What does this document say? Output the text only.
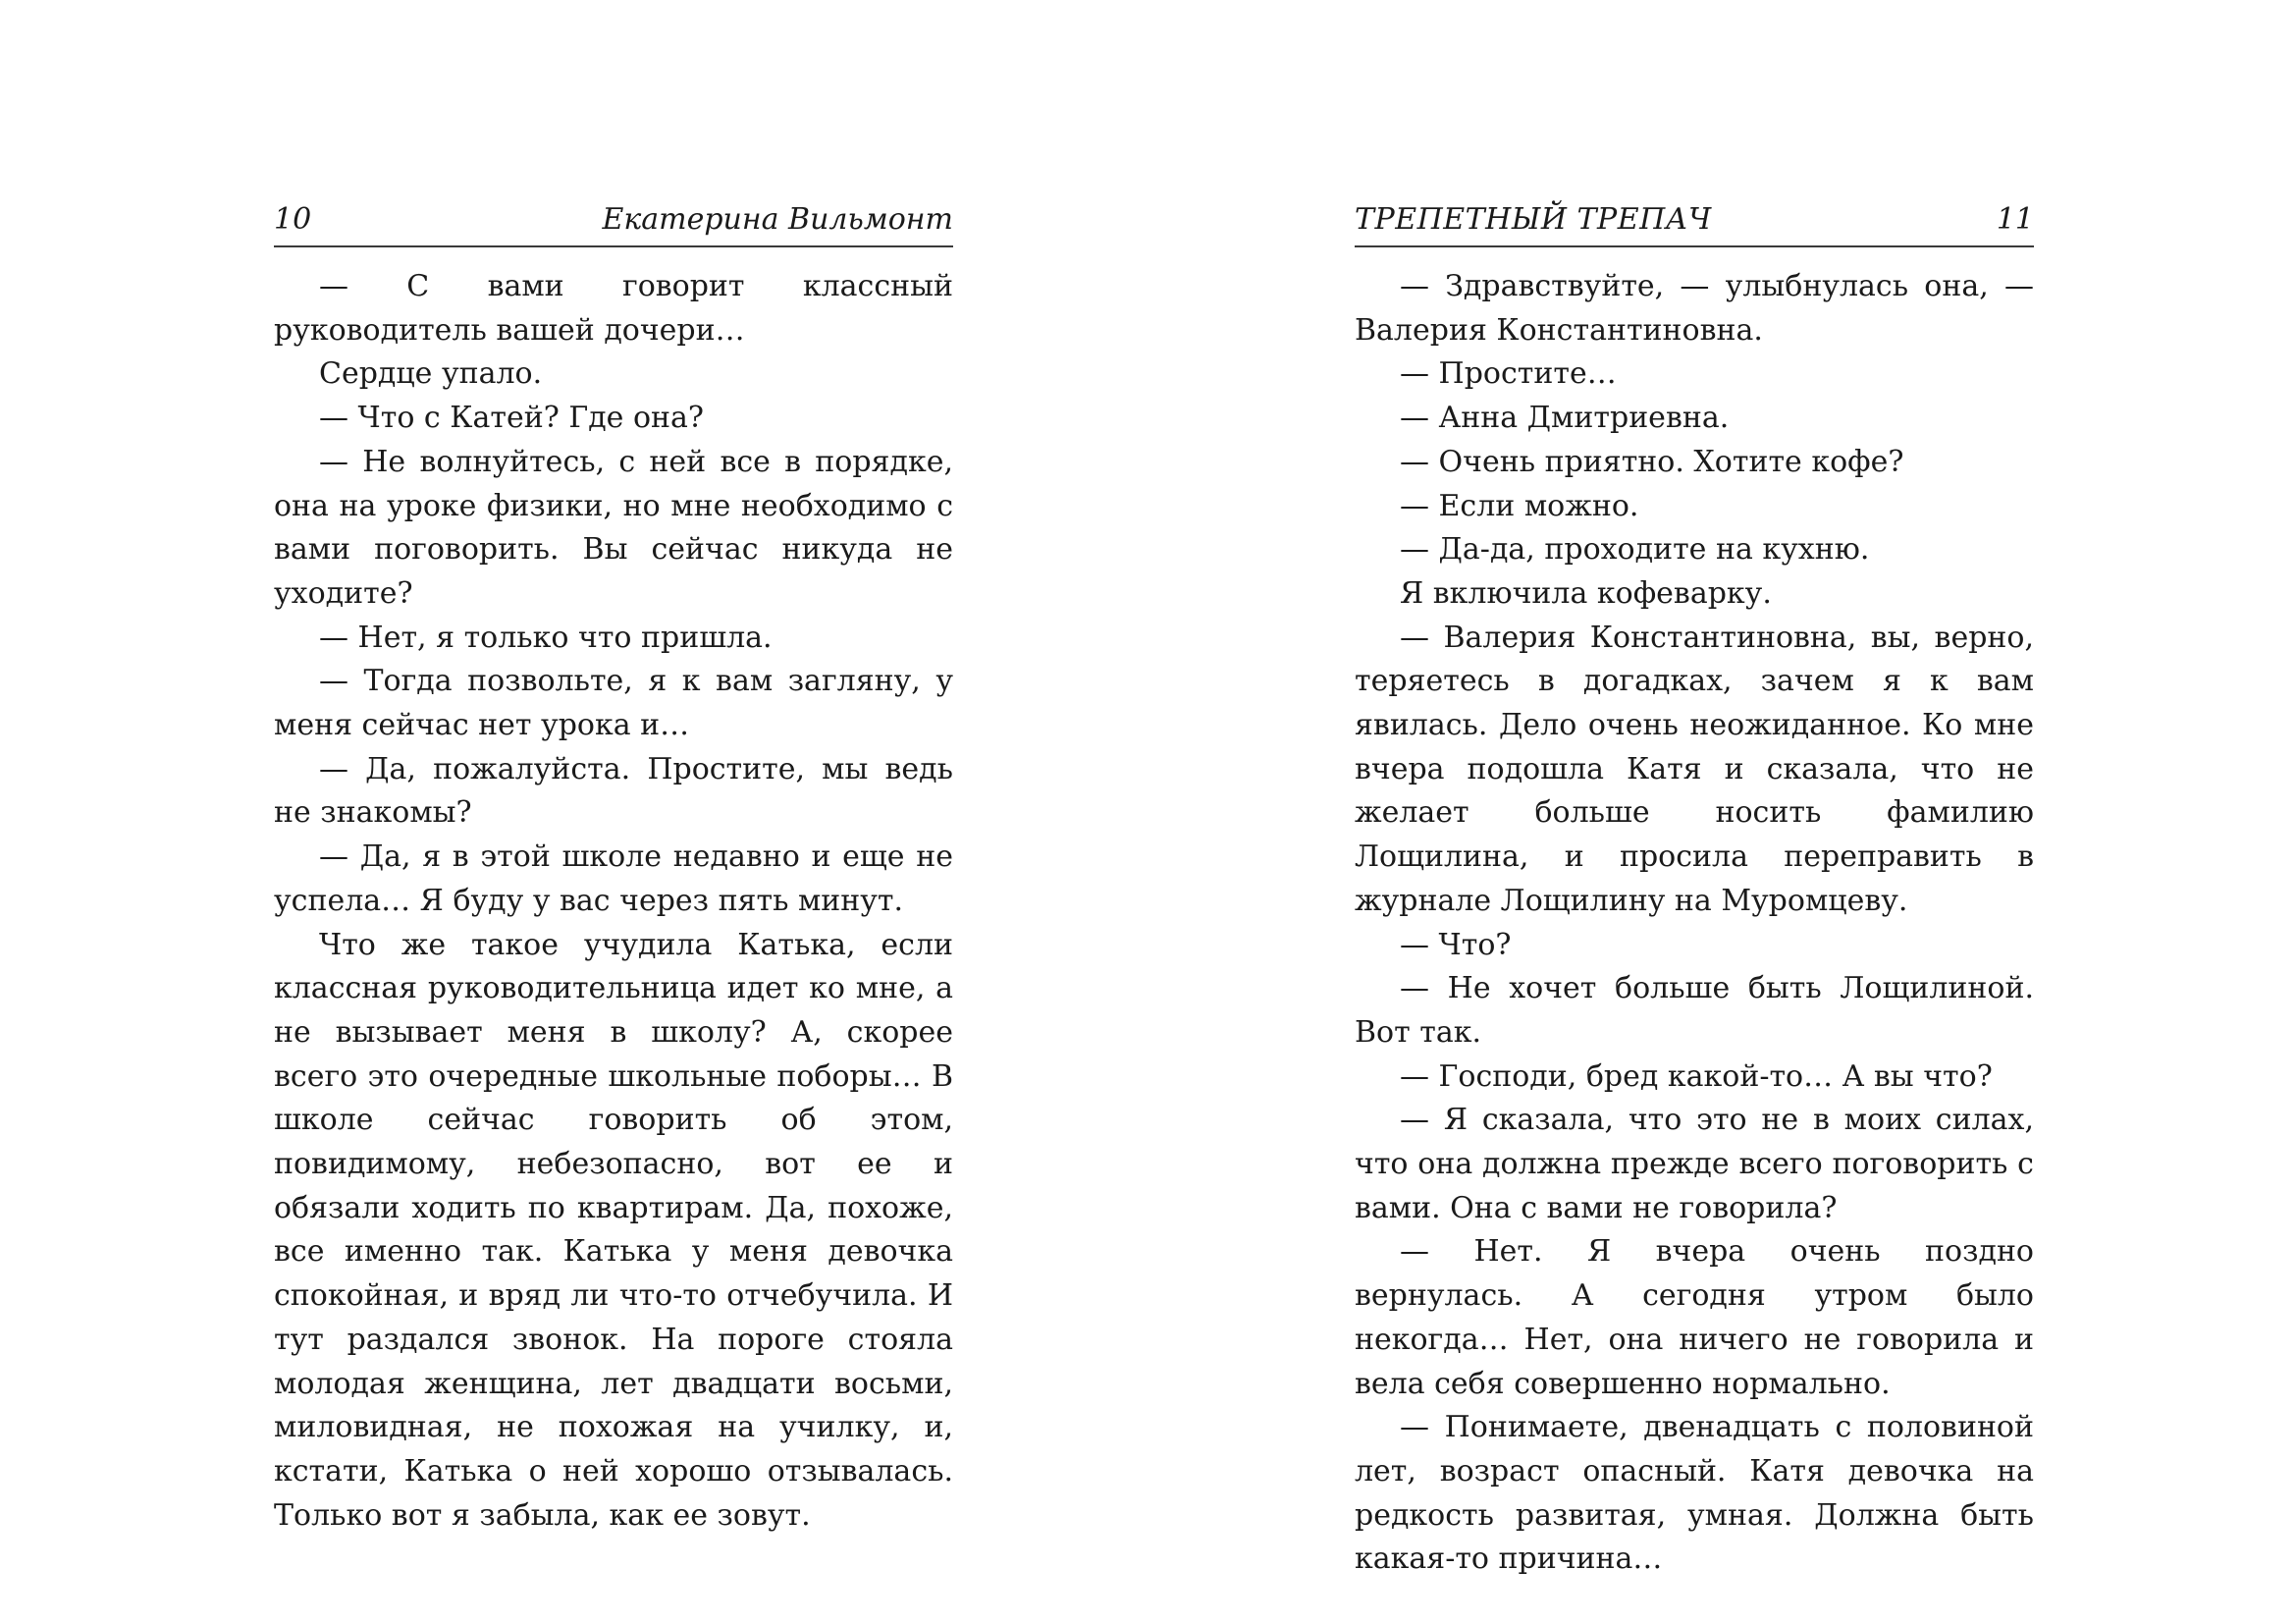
10	Екатерина Вильмонт

— С вами говорит классный руководитель вашей дочери…

Сердце упало.

— Что с Катей? Где она?

— Не волнуйтесь, с ней все в порядке, она на уроке физики, но мне необходимо с вами поговорить. Вы сейчас никуда не уходите?

— Нет, я только что пришла.

— Тогда позвольте, я к вам загляну, у меня сейчас нет урока и…

— Да, пожалуйста. Простите, мы ведь не знакомы?

— Да, я в этой школе недавно и еще не успела… Я буду у вас через пять минут.

Что же такое учудила Катька, если классная руководительница идет ко мне, а не вызывает меня в школу? А, скорее всего это очередные школьные поборы… В школе сейчас говорить об этом, повидимому, небезопасно, вот ее и обязали ходить по квартирам. Да, похоже, все именно так. Катька у меня девочка спокойная, и вряд ли что-то отчебучила. И тут раздался звонок. На пороге стояла молодая женщина, лет двадцати восьми, миловидная, не похожая на училку, и, кстати, Катька о ней хорошо отзывалась. Только вот я забыла, как ее зовут.

ТРЕПЕТНЫЙ ТРЕПАЧ	11

— Здравствуйте, — улыбнулась она, — Валерия Константиновна.

— Простите…

— Анна Дмитриевна.

— Очень приятно. Хотите кофе?

— Если можно.

— Да-да, проходите на кухню.

Я включила кофеварку.

— Валерия Константиновна, вы, верно, теряетесь в догадках, зачем я к вам явилась. Дело очень неожиданное. Ко мне вчера подошла Катя и сказала, что не желает больше носить фамилию Лощилина, и просила переправить в журнале Лощилину на Муромцеву.

— Что?

— Не хочет больше быть Лощилиной. Вот так.

— Господи, бред какой-то… А вы что?

— Я сказала, что это не в моих силах, что она должна прежде всего поговорить с вами. Она с вами не говорила?

— Нет. Я вчера очень поздно вернулась. А сегодня утром было некогда… Нет, она ничего не говорила и вела себя совершенно нормально.

— Понимаете, двенадцать с половиной лет, возраст опасный. Катя девочка на редкость развитая, умная. Должна быть какая-то причина…
